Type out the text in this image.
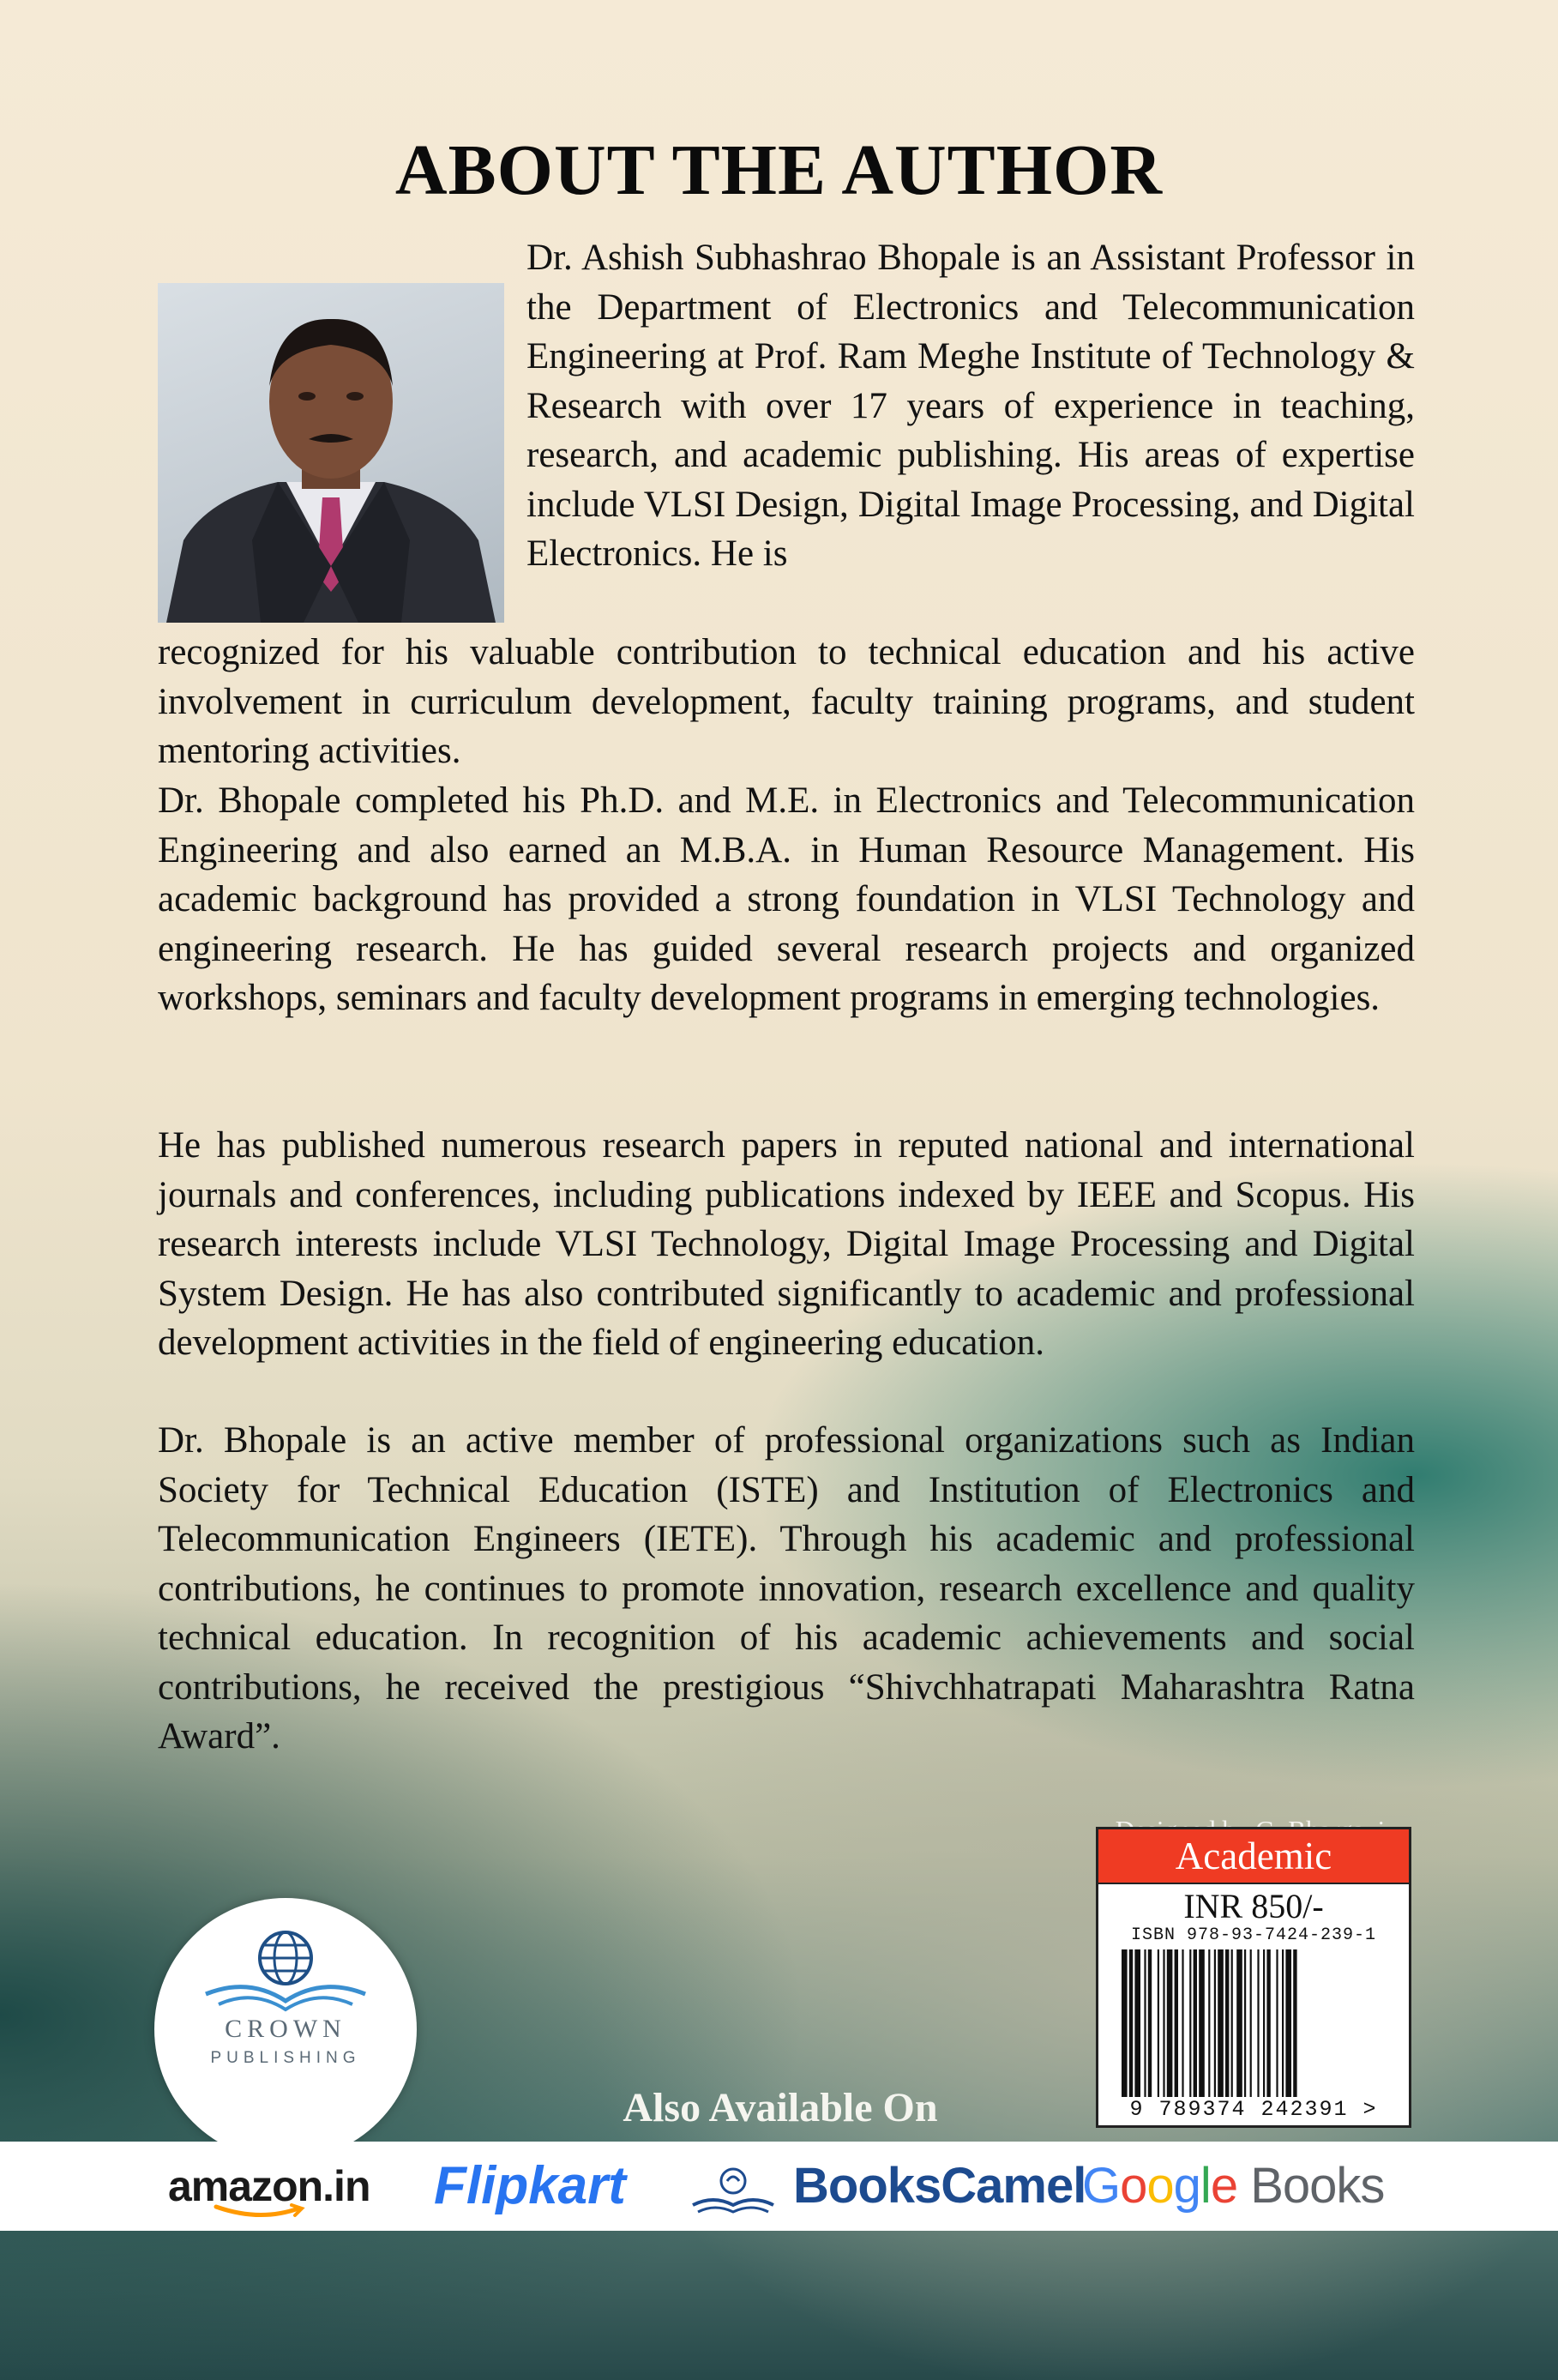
ABOUT THE AUTHOR

Dr. Ashish Subhashrao Bhopale is an Assistant Professor in the Department of Electronics and Telecommunication Engineering at Prof. Ram Meghe Institute of Technology & Research with over 17 years of experience in teaching, research, and academic publishing. His areas of expertise include VLSI Design, Digital Image Processing, and Digital Electronics. He is

recognized for his valuable contribution to technical education and his active involvement in curriculum development, faculty training programs, and student mentoring activities.

Dr. Bhopale completed his Ph.D. and M.E. in Electronics and Telecommunication Engineering and also earned an M.B.A. in Human Resource Management. His academic background has provided a strong foundation in VLSI Technology and engineering research. He has guided several research projects and organized workshops, seminars and faculty development programs in emerging technologies.

He has published numerous research papers in reputed national and international journals and conferences, including publications indexed by IEEE and Scopus. His research interests include VLSI Technology, Digital Image Processing and Digital System Design. He has also contributed significantly to academic and professional development activities in the field of engineering education.

Dr. Bhopale is an active member of professional organizations such as Indian Society for Technical Education (ISTE) and Institution of Electronics and Telecommunication Engineers (IETE). Through his academic and professional contributions, he continues to promote innovation, research excellence and quality technical education. In recognition of his academic achievements and social contributions, he received the prestigious “Shivchhatrapati Maharashtra Ratna Award”.

Academic
INR 850/-
ISBN 978-93-7424-239-1
9 789374 242391 >
CROWN
PUBLISHING
Also Available On
amazon.in Flipkart	BooksCamel
Google Books
